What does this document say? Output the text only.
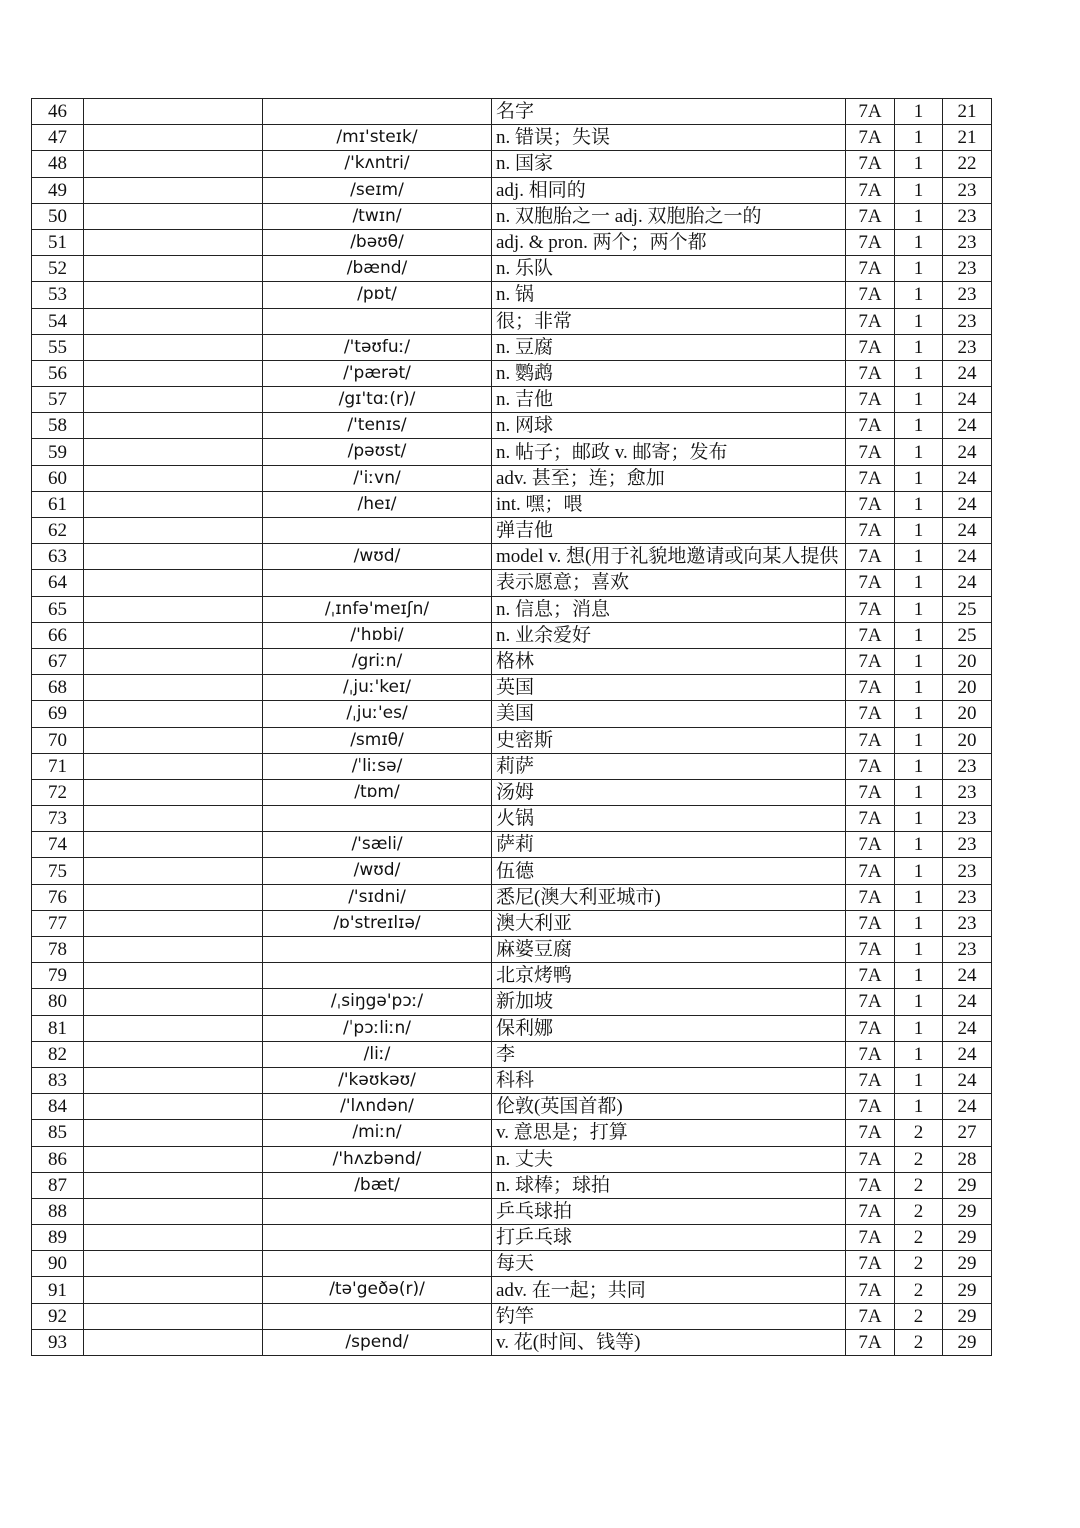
46			名字	7A	1	21
47		/mɪ'steɪk/	n. 错误；失误	7A	1	21
48		/'kʌntri/	n. 国家	7A	1	22
49		/seɪm/	adj. 相同的	7A	1	23
50		/twɪn/	n. 双胞胎之一 adj. 双胞胎之一的	7A	1	23
51		/bəʊθ/	adj. & pron. 两个；两个都	7A	1	23
52		/bænd/	n. 乐队	7A	1	23
53		/pɒt/	n. 锅	7A	1	23
54			很；非常	7A	1	23
55		/'təʊfuː/	n. 豆腐	7A	1	23
56		/'pærət/	n. 鹦鹉	7A	1	24
57		/gɪ'tɑː(r)/	n. 吉他	7A	1	24
58		/'tenɪs/	n. 网球	7A	1	24
59		/pəʊst/	n. 帖子；邮政 v. 邮寄；发布	7A	1	24
60		/'iːvn/	adv. 甚至；连；愈加	7A	1	24
61		/heɪ/	int. 嘿；喂	7A	1	24
62			弹吉他	7A	1	24
63		/wʊd/	model v. 想(用于礼貌地邀请或向某人提供	7A	1	24
64			表示愿意；喜欢	7A	1	24
65		/ˌɪnfə'meɪʃn/	n. 信息；消息	7A	1	25
66		/'hɒbi/	n. 业余爱好	7A	1	25
67		/griːn/	格林	7A	1	20
68		/ˌjuː'keɪ/	英国	7A	1	20
69		/ˌjuː'es/	美国	7A	1	20
70		/smɪθ/	史密斯	7A	1	20
71		/ˈliːsə/	莉萨	7A	1	23
72		/tɒm/	汤姆	7A	1	23
73			火锅	7A	1	23
74		/'sæli/	萨莉	7A	1	23
75		/wʊd/	伍德	7A	1	23
76		/'sɪdni/	悉尼(澳大利亚城市)	7A	1	23
77		/ɒ'streɪlɪə/	澳大利亚	7A	1	23
78			麻婆豆腐	7A	1	23
79			北京烤鸭	7A	1	24
80		/ˌsiŋgə'pɔː/	新加坡	7A	1	24
81		/ˈpɔːliːn/	保利娜	7A	1	24
82		/liː/	李	7A	1	24
83		/'kəʊkəʊ/	科科	7A	1	24
84		/'lʌndən/	伦敦(英国首都)	7A	1	24
85		/miːn/	v. 意思是；打算	7A	2	27
86		/'hʌzbənd/	n. 丈夫	7A	2	28
87		/bæt/	n. 球棒；球拍	7A	2	29
88			乒乓球拍	7A	2	29
89			打乒乓球	7A	2	29
90			每天	7A	2	29
91		/tə'geðə(r)/	adv. 在一起；共同	7A	2	29
92			钓竿	7A	2	29
93		/spend/	v. 花(时间、钱等)	7A	2	29
